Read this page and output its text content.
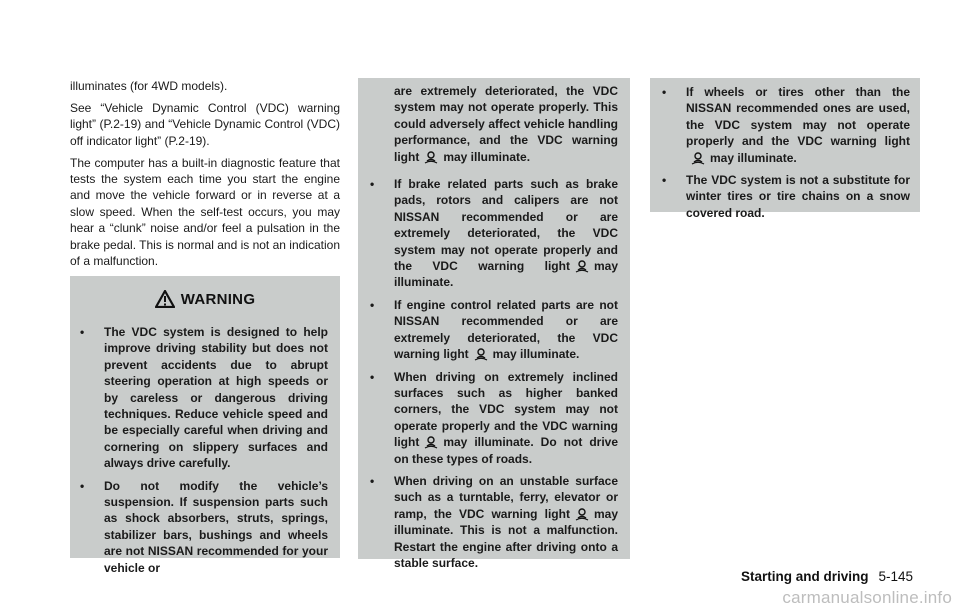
illuminates (for 4WD models).

See “Vehicle Dynamic Control (VDC) warning light” (P.2-19) and “Vehicle Dynamic Control (VDC) off indicator light” (P.2-19).

The computer has a built-in diagnostic feature that tests the system each time you start the engine and move the vehicle forward or in reverse at a slow speed. When the self-test occurs, you may hear a “clunk” noise and/or feel a pulsation in the brake pedal. This is normal and is not an indication of a malfunction.

WARNING
• The VDC system is designed to help improve driving stability but does not prevent accidents due to abrupt steering operation at high speeds or by careless or dangerous driving techniques. Reduce vehicle speed and be especially careful when driving and cornering on slippery surfaces and always drive carefully.
• Do not modify the vehicle’s suspension. If suspension parts such as shock absorbers, struts, springs, stabilizer bars, bushings and wheels are not NISSAN recommended for your vehicle or
are extremely deteriorated, the VDC system may not operate properly. This could adversely affect vehicle handling performance, and the VDC warning light may illuminate.
• If brake related parts such as brake pads, rotors and calipers are not NISSAN recommended or are extremely deteriorated, the VDC system may not operate properly and the VDC warning light may illuminate.
• If engine control related parts are not NISSAN recommended or are extremely deteriorated, the VDC warning light may illuminate.
• When driving on extremely inclined surfaces such as higher banked corners, the VDC system may not operate properly and the VDC warning light may illuminate. Do not drive on these types of roads.
• When driving on an unstable surface such as a turntable, ferry, elevator or ramp, the VDC warning light may illuminate. This is not a malfunction. Restart the engine after driving onto a stable surface.
• If wheels or tires other than the NISSAN recommended ones are used, the VDC system may not operate properly and the VDC warning lightmay illuminate.
• The VDC system is not a substitute for winter tires or tire chains on a snow covered road.
Starting and driving 5-145
carmanualsonline.info
